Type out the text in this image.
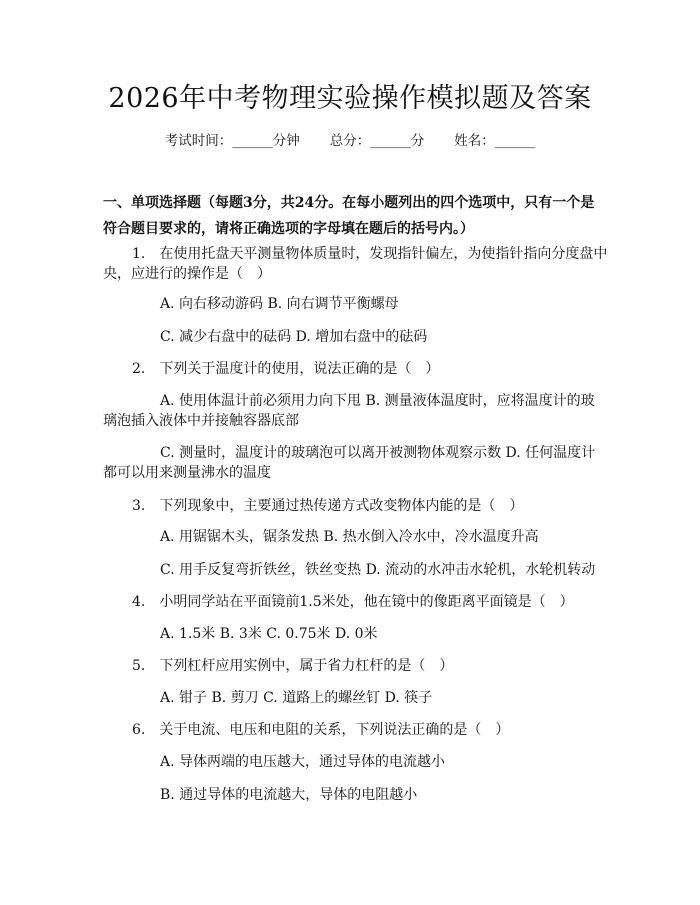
2026年中考物理实验操作模拟题及答案
考试时间：______分钟 总分：______分 姓名：______
一、单项选择题（每题3分，共24分。在每小题列出的四个选项中，只有一个是符合题目要求的，请将正确选项的字母填在题后的括号内。）
1.　在使用托盘天平测量物体质量时，发现指针偏左，为使指针指向分度盘中
央，应进行的操作是（　）
A. 向右移动游码 B. 向右调节平衡螺母
C. 减少右盘中的砝码 D. 增加右盘中的砝码
2.　下列关于温度计的使用，说法正确的是（　）
A. 使用体温计前必须用力向下甩 B. 测量液体温度时，应将温度计的玻
璃泡插入液体中并接触容器底部
C. 测量时，温度计的玻璃泡可以离开被测物体观察示数 D. 任何温度计
都可以用来测量沸水的温度
3.　下列现象中，主要通过热传递方式改变物体内能的是（　）
A. 用锯锯木头，锯条发热 B. 热水倒入冷水中，冷水温度升高
C. 用手反复弯折铁丝，铁丝变热 D. 流动的水冲击水轮机，水轮机转动
4.　小明同学站在平面镜前1.5米处，他在镜中的像距离平面镜是（　）
A. 1.5米 B. 3米 C. 0.75米 D. 0米
5.　下列杠杆应用实例中，属于省力杠杆的是（　）
A. 钳子 B. 剪刀 C. 道路上的螺丝钉 D. 筷子
6.　关于电流、电压和电阻的关系，下列说法正确的是（　）
A. 导体两端的电压越大，通过导体的电流越小
B. 通过导体的电流越大，导体的电阻越小
